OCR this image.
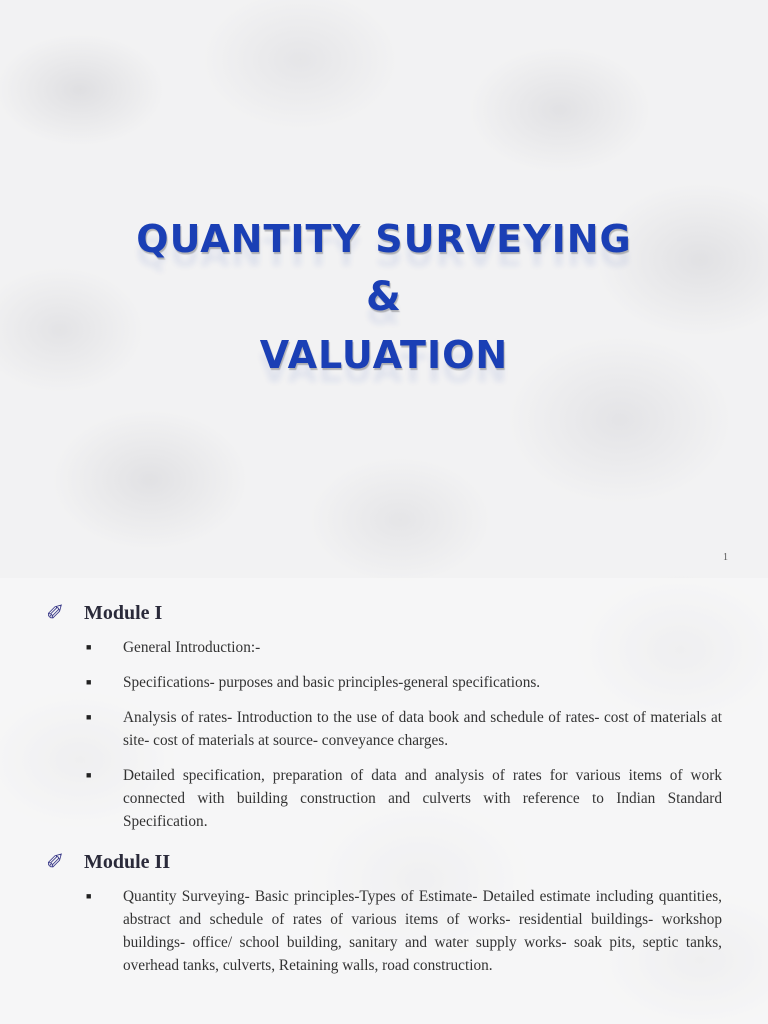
QUANTITY SURVEYING
&
VALUATION
1
✐ Module I
■ General Introduction:-
■ Specifications- purposes and basic principles-general specifications.
■ Analysis of rates- Introduction to the use of data book and schedule of rates- cost of materials at site- cost of materials at source- conveyance charges.
■ Detailed specification, preparation of data and analysis of rates for various items of work connected with building construction and culverts with reference to Indian Standard Specification.
✐ Module II
■ Quantity Surveying- Basic principles-Types of Estimate- Detailed estimate including quantities, abstract and schedule of rates of various items of works- residential buildings- workshop buildings- office/ school building, sanitary and water supply works- soak pits, septic tanks, overhead tanks, culverts, Retaining walls, road construction.
